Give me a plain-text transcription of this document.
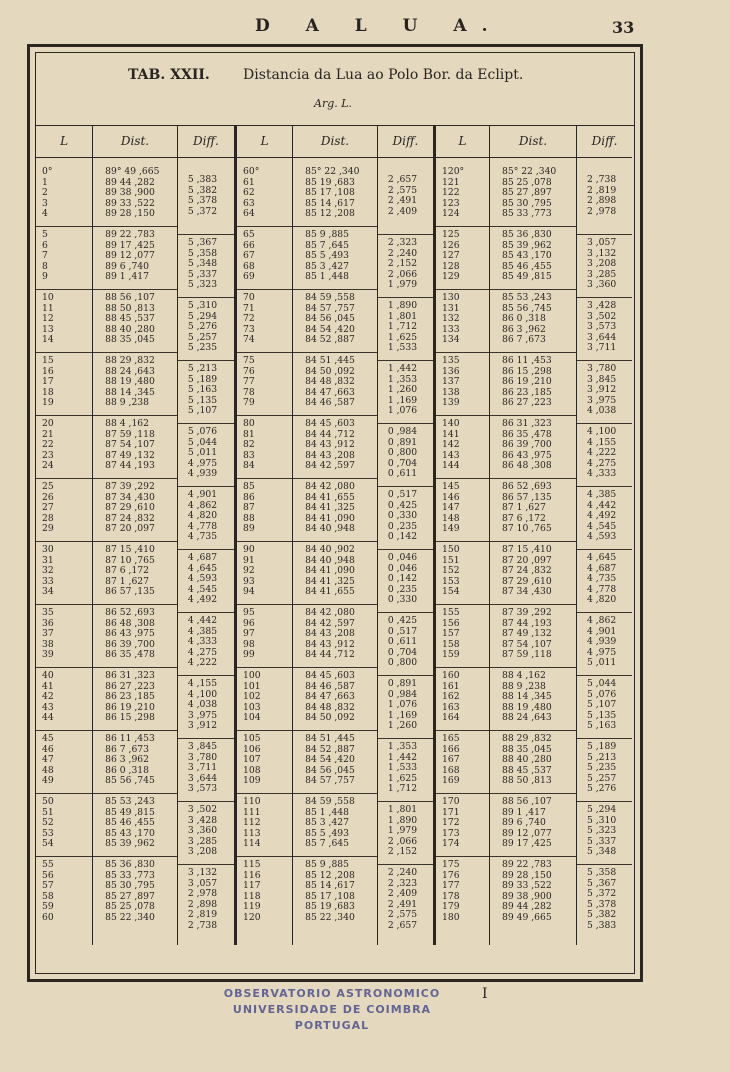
D A L U A.	33
TAB. XXII. Distancia da Lua ao Polo Bor. da Eclipt.
Arg. L.
L
0°
1
2
3
4
5
6
7
8
9
10
11
12
13
14
15
16
17
18
19
20
21
22
23
24
25
26
27
28
29
30
31
32
33
34
35
36
37
38
39
40
41
42
43
44
45
46
47
48
49
50
51
52
53
54
55
56
57
58
59
60
Dist.
89° 49 ,665
89 44 ,282
89 38 ,900
89 33 ,522
89 28 ,150
89 22 ,783
89 17 ,425
89 12 ,077
89 6 ,740
89 1 ,417
88 56 ,107
88 50 ,813
88 45 ,537
88 40 ,280
88 35 ,045
88 29 ,832
88 24 ,643
88 19 ,480
88 14 ,345
88 9 ,238
88 4 ,162
87 59 ,118
87 54 ,107
87 49 ,132
87 44 ,193
87 39 ,292
87 34 ,430
87 29 ,610
87 24 ,832
87 20 ,097
87 15 ,410
87 10 ,765
87 6 ,172
87 1 ,627
86 57 ,135
86 52 ,693
86 48 ,308
86 43 ,975
86 39 ,700
86 35 ,478
86 31 ,323
86 27 ,223
86 23 ,185
86 19 ,210
86 15 ,298
86 11 ,453
86 7 ,673
86 3 ,962
86 0 ,318
85 56 ,745
85 53 ,243
85 49 ,815
85 46 ,455
85 43 ,170
85 39 ,962
85 36 ,830
85 33 ,773
85 30 ,795
85 27 ,897
85 25 ,078
85 22 ,340
Diff.
5 ,383
5 ,382
5 ,378
5 ,372
5 ,367
5 ,358
5 ,348
5 ,337
5 ,323
5 ,310
5 ,294
5 ,276
5 ,257
5 ,235
5 ,213
5 ,189
5 ,163
5 ,135
5 ,107
5 ,076
5 ,044
5 ,011
4 ,975
4 ,939
4 ,901
4 ,862
4 ,820
4 ,778
4 ,735
4 ,687
4 ,645
4 ,593
4 ,545
4 ,492
4 ,442
4 ,385
4 ,333
4 ,275
4 ,222
4 ,155
4 ,100
4 ,038
3 ,975
3 ,912
3 ,845
3 ,780
3 ,711
3 ,644
3 ,573
3 ,502
3 ,428
3 ,360
3 ,285
3 ,208
3 ,132
3 ,057
2 ,978
2 ,898
2 ,819
2 ,738
L
60°
61
62
63
64
65
66
67
68
69
70
71
72
73
74
75
76
77
78
79
80
81
82
83
84
85
86
87
88
89
90
91
92
93
94
95
96
97
98
99
100
101
102
103
104
105
106
107
108
109
110
111
112
113
114
115
116
117
118
119
120
Dist.
85° 22 ,340
85 19 ,683
85 17 ,108
85 14 ,617
85 12 ,208
85 9 ,885
85 7 ,645
85 5 ,493
85 3 ,427
85 1 ,448
84 59 ,558
84 57 ,757
84 56 ,045
84 54 ,420
84 52 ,887
84 51 ,445
84 50 ,092
84 48 ,832
84 47 ,663
84 46 ,587
84 45 ,603
84 44 ,712
84 43 ,912
84 43 ,208
84 42 ,597
84 42 ,080
84 41 ,655
84 41 ,325
84 41 ,090
84 40 ,948
84 40 ,902
84 40 ,948
84 41 ,090
84 41 ,325
84 41 ,655
84 42 ,080
84 42 ,597
84 43 ,208
84 43 ,912
84 44 ,712
84 45 ,603
84 46 ,587
84 47 ,663
84 48 ,832
84 50 ,092
84 51 ,445
84 52 ,887
84 54 ,420
84 56 ,045
84 57 ,757
84 59 ,558
85 1 ,448
85 3 ,427
85 5 ,493
85 7 ,645
85 9 ,885
85 12 ,208
85 14 ,617
85 17 ,108
85 19 ,683
85 22 ,340
Diff.
2 ,657
2 ,575
2 ,491
2 ,409
2 ,323
2 ,240
2 ,152
2 ,066
1 ,979
1 ,890
1 ,801
1 ,712
1 ,625
1 ,533
1 ,442
1 ,353
1 ,260
1 ,169
1 ,076
0 ,984
0 ,891
0 ,800
0 ,704
0 ,611
0 ,517
0 ,425
0 ,330
0 ,235
0 ,142
0 ,046
0 ,046
0 ,142
0 ,235
0 ,330
0 ,425
0 ,517
0 ,611
0 ,704
0 ,800
0 ,891
0 ,984
1 ,076
1 ,169
1 ,260
1 ,353
1 ,442
1 ,533
1 ,625
1 ,712
1 ,801
1 ,890
1 ,979
2 ,066
2 ,152
2 ,240
2 ,323
2 ,409
2 ,491
2 ,575
2 ,657
L
120°
121
122
123
124
125
126
127
128
129
130
131
132
133
134
135
136
137
138
139
140
141
142
143
144
145
146
147
148
149
150
151
152
153
154
155
156
157
158
159
160
161
162
163
164
165
166
167
168
169
170
171
172
173
174
175
176
177
178
179
180
Dist.
85° 22 ,340
85 25 ,078
85 27 ,897
85 30 ,795
85 33 ,773
85 36 ,830
85 39 ,962
85 43 ,170
85 46 ,455
85 49 ,815
85 53 ,243
85 56 ,745
86 0 ,318
86 3 ,962
86 7 ,673
86 11 ,453
86 15 ,298
86 19 ,210
86 23 ,185
86 27 ,223
86 31 ,323
86 35 ,478
86 39 ,700
86 43 ,975
86 48 ,308
86 52 ,693
86 57 ,135
87 1 ,627
87 6 ,172
87 10 ,765
87 15 ,410
87 20 ,097
87 24 ,832
87 29 ,610
87 34 ,430
87 39 ,292
87 44 ,193
87 49 ,132
87 54 ,107
87 59 ,118
88 4 ,162
88 9 ,238
88 14 ,345
88 19 ,480
88 24 ,643
88 29 ,832
88 35 ,045
88 40 ,280
88 45 ,537
88 50 ,813
88 56 ,107
89 1 ,417
89 6 ,740
89 12 ,077
89 17 ,425
89 22 ,783
89 28 ,150
89 33 ,522
89 38 ,900
89 44 ,282
89 49 ,665
Diff.
2 ,738
2 ,819
2 ,898
2 ,978
3 ,057
3 ,132
3 ,208
3 ,285
3 ,360
3 ,428
3 ,502
3 ,573
3 ,644
3 ,711
3 ,780
3 ,845
3 ,912
3 ,975
4 ,038
4 ,100
4 ,155
4 ,222
4 ,275
4 ,333
4 ,385
4 ,442
4 ,492
4 ,545
4 ,593
4 ,645
4 ,687
4 ,735
4 ,778
4 ,820
4 ,862
4 ,901
4 ,939
4 ,975
5 ,011
5 ,044
5 ,076
5 ,107
5 ,135
5 ,163
5 ,189
5 ,213
5 ,235
5 ,257
5 ,276
5 ,294
5 ,310
5 ,323
5 ,337
5 ,348
5 ,358
5 ,367
5 ,372
5 ,378
5 ,382
5 ,383
OBSERVATORIO ASTRONOMICO
UNIVERSIDADE DE COIMBRA
PORTUGAL
I
